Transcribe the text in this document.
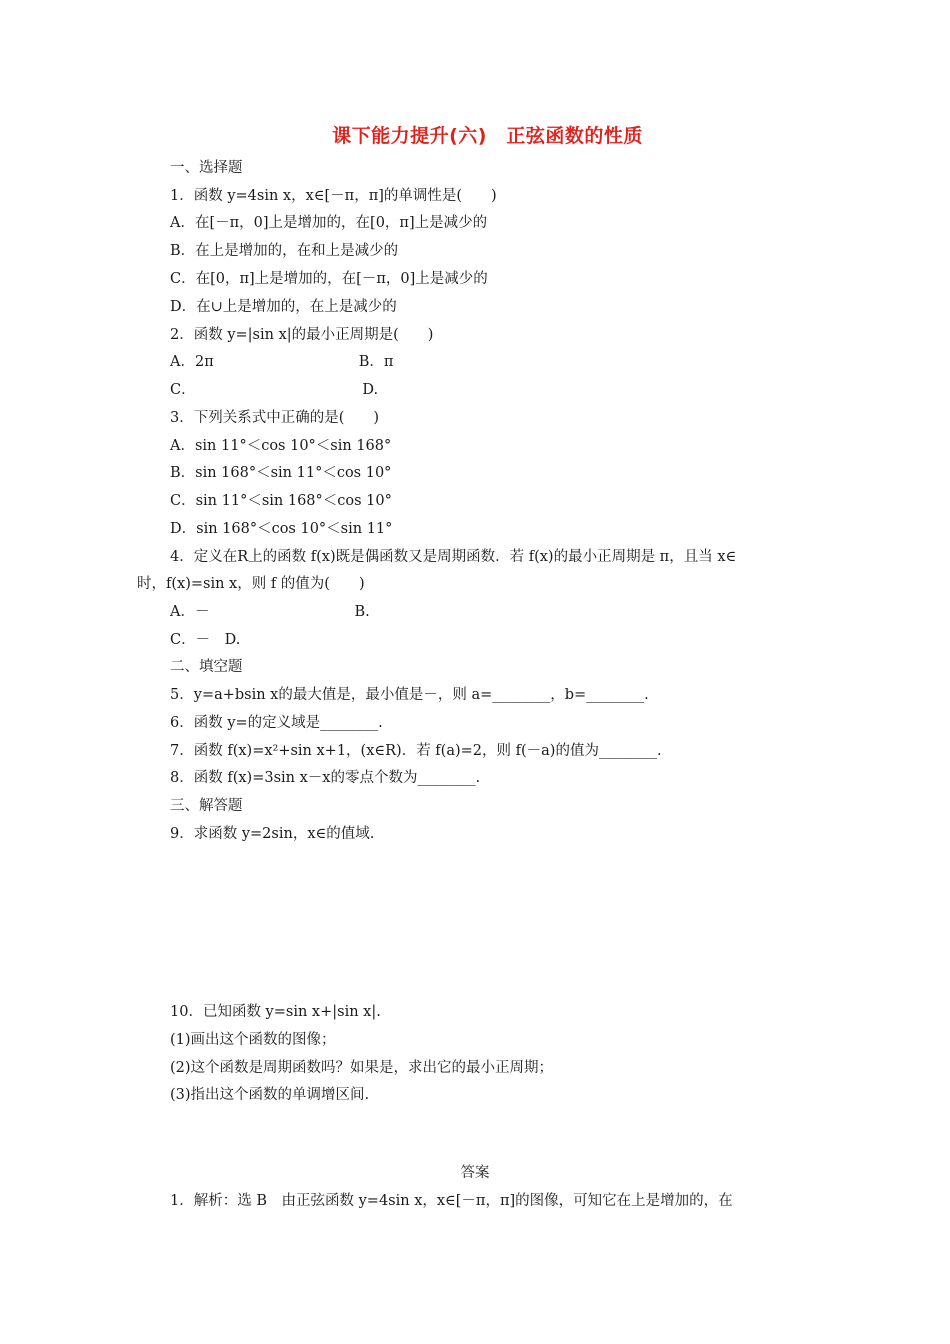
课下能力提升(六)　正弦函数的性质
一、选择题
1．函数 y=4sin x，x∈[－π，π]的单调性是(　　)
A．在[－π，0]上是增加的，在[0，π]上是减少的
B．在上是增加的，在和上是减少的
C．在[0，π]上是增加的，在[－π，0]上是减少的
D．在∪上是增加的，在上是减少的
2．函数 y=|sin x|的最小正周期是(　　)
A．2π　　　　　　　　　　B．π
C．　　　　　　　　　　　　D.
3．下列关系式中正确的是(　　)
A．sin 11°＜cos 10°＜sin 168°
B．sin 168°＜sin 11°＜cos 10°
C．sin 11°＜sin 168°＜cos 10°
D．sin 168°＜cos 10°＜sin 11°
4．定义在R上的函数 f(x)既是偶函数又是周期函数．若 f(x)的最小正周期是 π，且当 x∈
时，f(x)=sin x，则 f 的值为(　　)
A．－　　　　　　　　　　B.
C．－　D.
二、填空题
5．y=a+bsin x的最大值是，最小值是－，则 a=________，b=________.
6．函数 y=的定义域是________.
7．函数 f(x)=x²+sin x+1，(x∈R)．若 f(a)=2，则 f(－a)的值为________.
8．函数 f(x)=3sin x－x的零点个数为________.
三、解答题
9．求函数 y=2sin，x∈的值域.
10．已知函数 y=sin x+|sin x|.
(1)画出这个函数的图像；
(2)这个函数是周期函数吗？如果是，求出它的最小正周期；
(3)指出这个函数的单调增区间.
答案
1．解析：选 B　由正弦函数 y=4sin x，x∈[－π，π]的图像，可知它在上是增加的，在
